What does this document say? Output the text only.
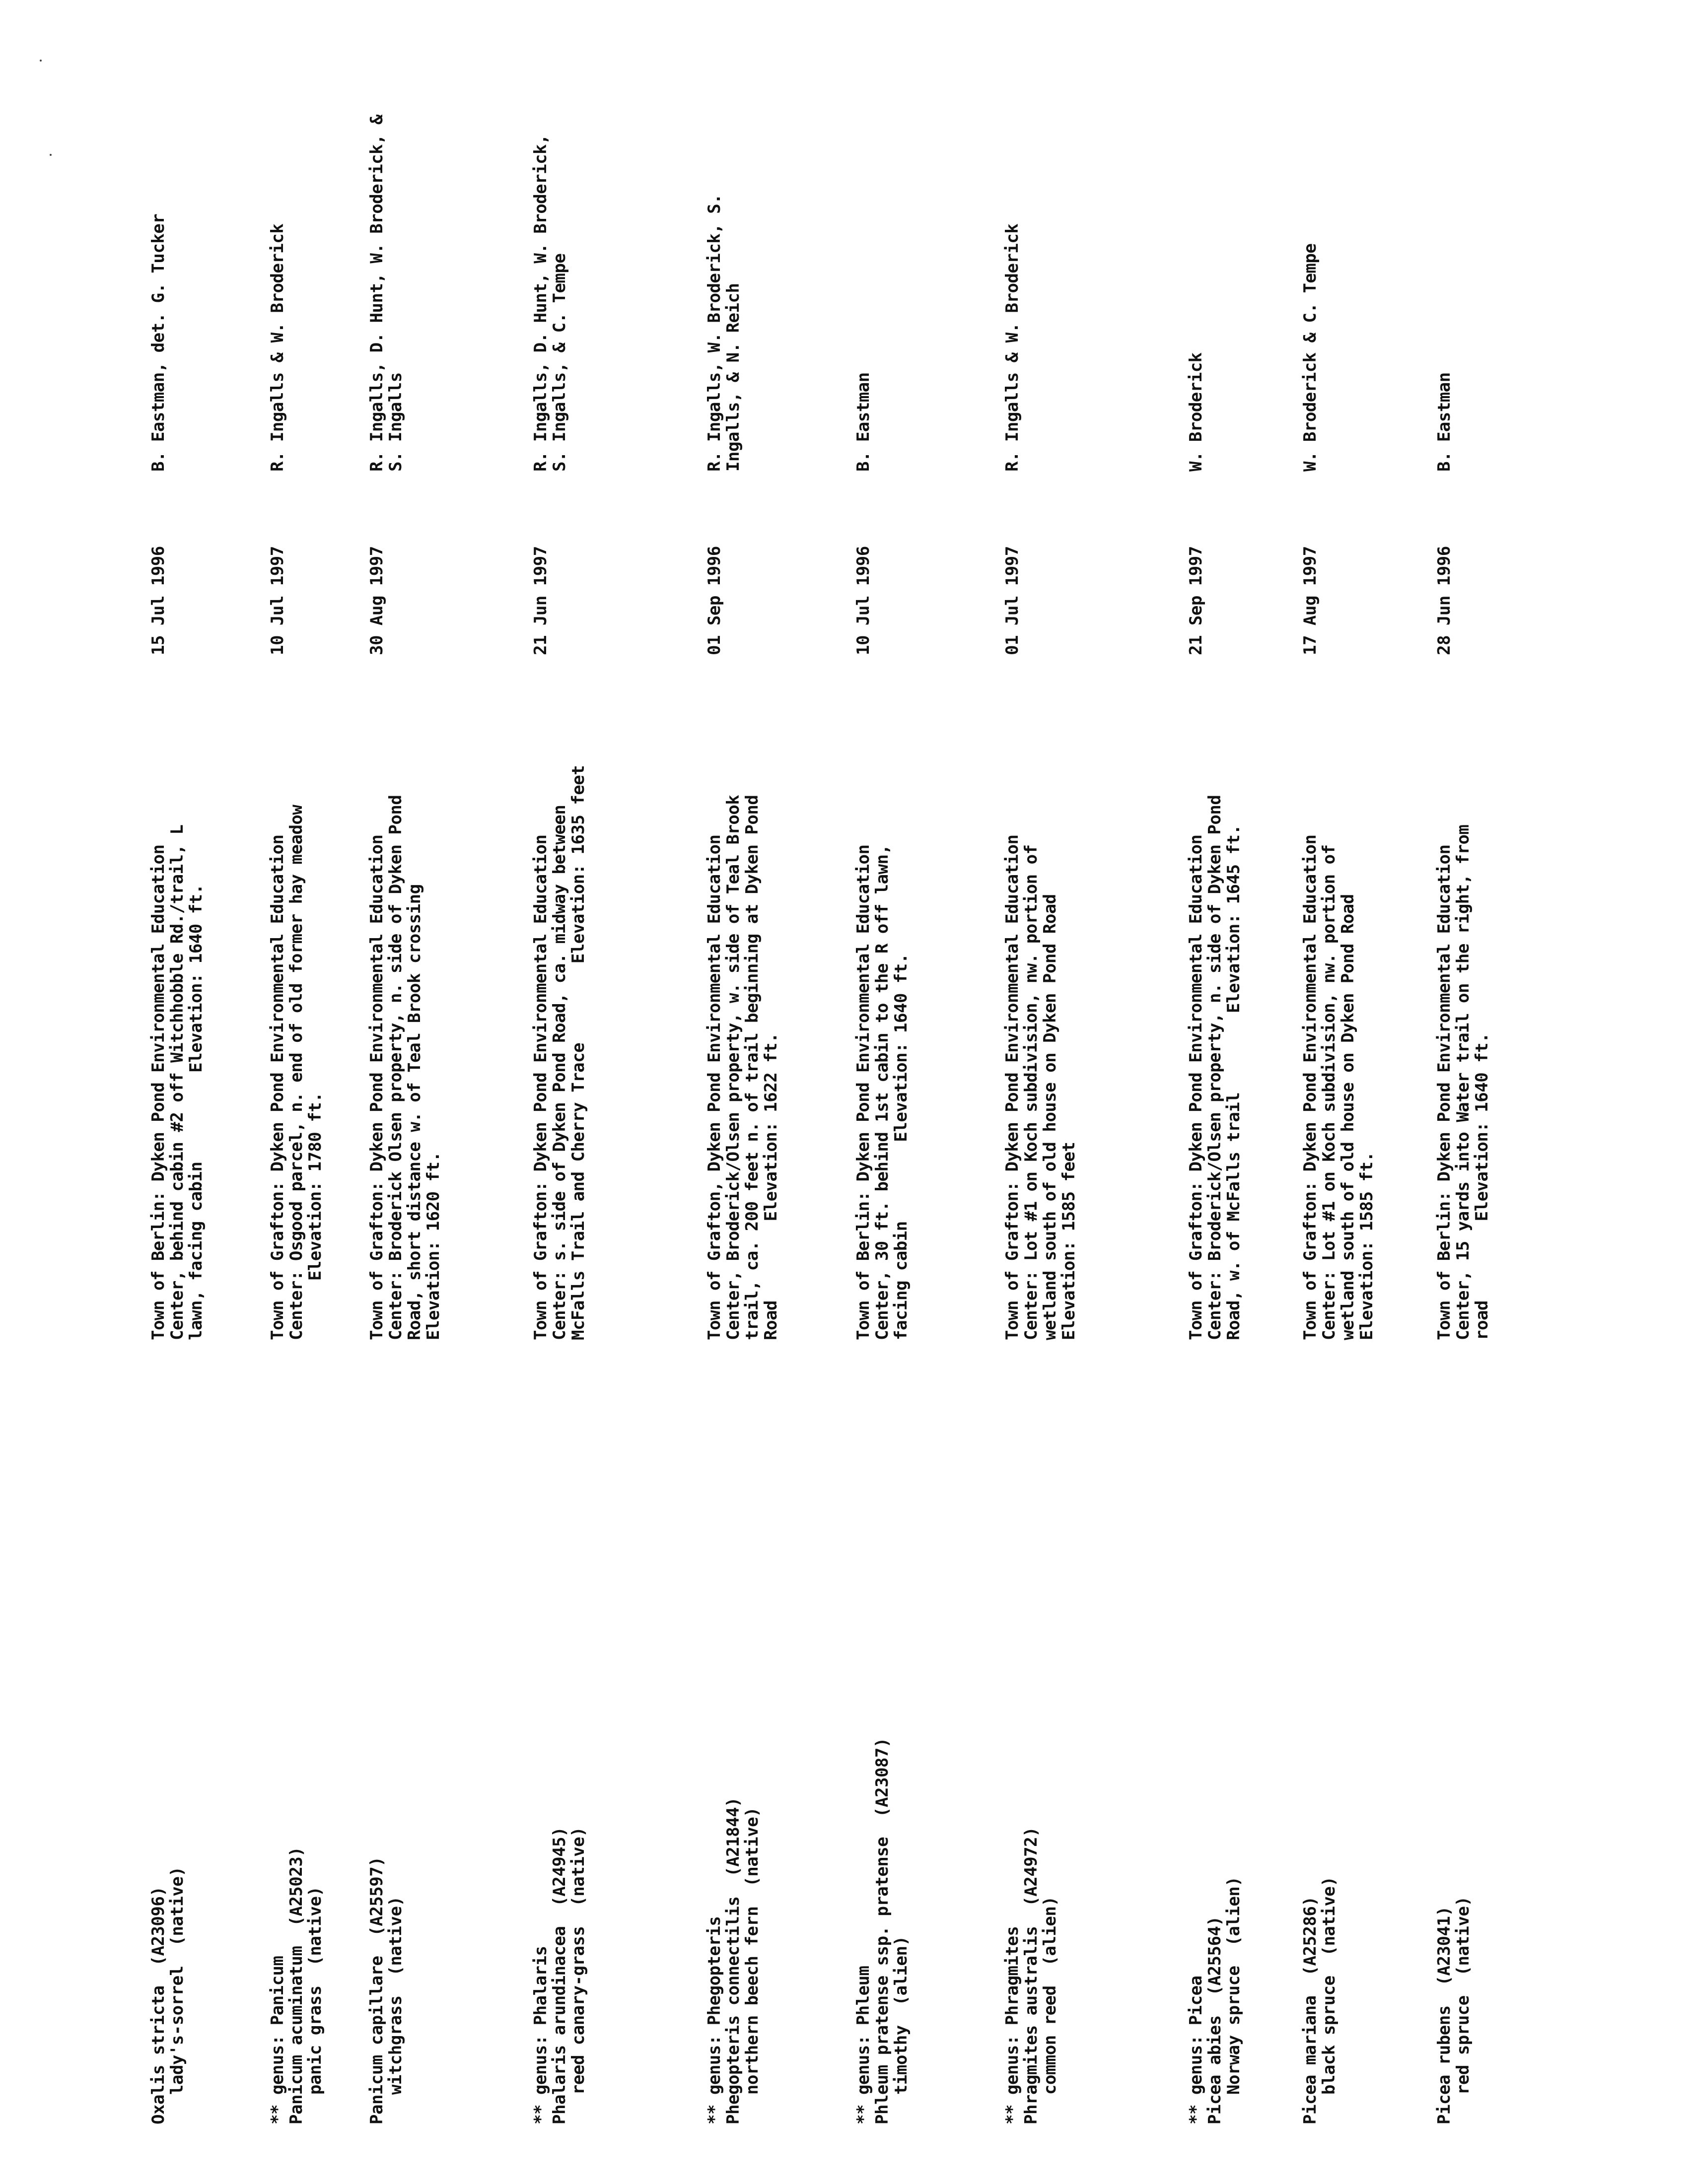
Oxalis stricta  (A23096)
lady's-sorrel  (native)
Town of Berlin: Dyken Pond Environmental Education
Center, behind cabin #2 off Witchhobble Rd./trail, L
lawn, facing cabin         Elevation: 1640 ft.
15 Jul 1996
B. Eastman, det. G. Tucker
** genus: Panicum
Panicum acuminatum  (A25023)
panic grass  (native)
Town of Grafton: Dyken Pond Environmental Education
Center: Osgood parcel, n. end of old former hay meadow
Elevation: 1780 ft.
10 Jul 1997
R. Ingalls & W. Broderick
Panicum capillare  (A25597)
witchgrass  (native)
Town of Grafton: Dyken Pond Environmental Education
Center: Broderick Olsen property, n. side of Dyken Pond
Road, short distance w. of Teal Brook crossing
Elevation: 1620 ft.
30 Aug 1997
R. Ingalls, D. Hunt, W. Broderick, &
S. Ingalls
** genus: Phalaris
Phalaris arundinacea  (A24945)
reed canary-grass  (native)
Town of Grafton: Dyken Pond Environmental Education
Center: s. side of Dyken Pond Road, ca. midway between
McFalls Trail and Cherry Trace        Elevation: 1635 feet
21 Jun 1997
R. Ingalls, D. Hunt, W. Broderick,
S. Ingalls, & C. Tempe
** genus: Phegopteris
Phegopteris connectilis  (A21844)
northern beech fern  (native)
Town of Grafton, Dyken Pond Environmental Education
Center, Broderick/Olsen property, w. side of Teal Brook
trail, ca. 200 feet n. of trail beginning at Dyken Pond
Road        Elevation: 1622 ft.
01 Sep 1996
R. Ingalls, W. Broderick, S.
Ingalls, & N. Reich
** genus: Phleum
Phleum pratense ssp. pratense  (A23087)
timothy  (alien)
Town of Berlin: Dyken Pond Environmental Education
Center, 30 ft. behind 1st cabin to the R off lawn,
facing cabin        Elevation: 1640 ft.
10 Jul 1996
B. Eastman
** genus: Phragmites
Phragmites australis  (A24972)
common reed  (alien)
Town of Grafton: Dyken Pond Environmental Education
Center: Lot #1 on Koch subdivision, nw. portion of
wetland south of old house on Dyken Pond Road
Elevation: 1585 feet
01 Jul 1997
R. Ingalls & W. Broderick
** genus: Picea
Picea abies  (A25564)
Norway spruce  (alien)
Town of Grafton: Dyken Pond Environmental Education
Center: Broderick/Olsen property, n. side of Dyken Pond
Road, w. of McFalls trail        Elevation: 1645 ft.
21 Sep 1997
W. Broderick
Picea mariana  (A25286)
black spruce  (native)
Town of Grafton: Dyken Pond Environmental Education
Center: Lot #1 on Koch subdivision, nw. portion of
wetland south of old house on Dyken Pond Road
Elevation: 1585 ft.
17 Aug 1997
W. Broderick & C. Tempe
Picea rubens  (A23041)
red spruce  (native)
Town of Berlin: Dyken Pond Environmental Education
Center, 15 yards into Water trail on the right, from
road        Elevation: 1640 ft.
28 Jun 1996
B. Eastman
